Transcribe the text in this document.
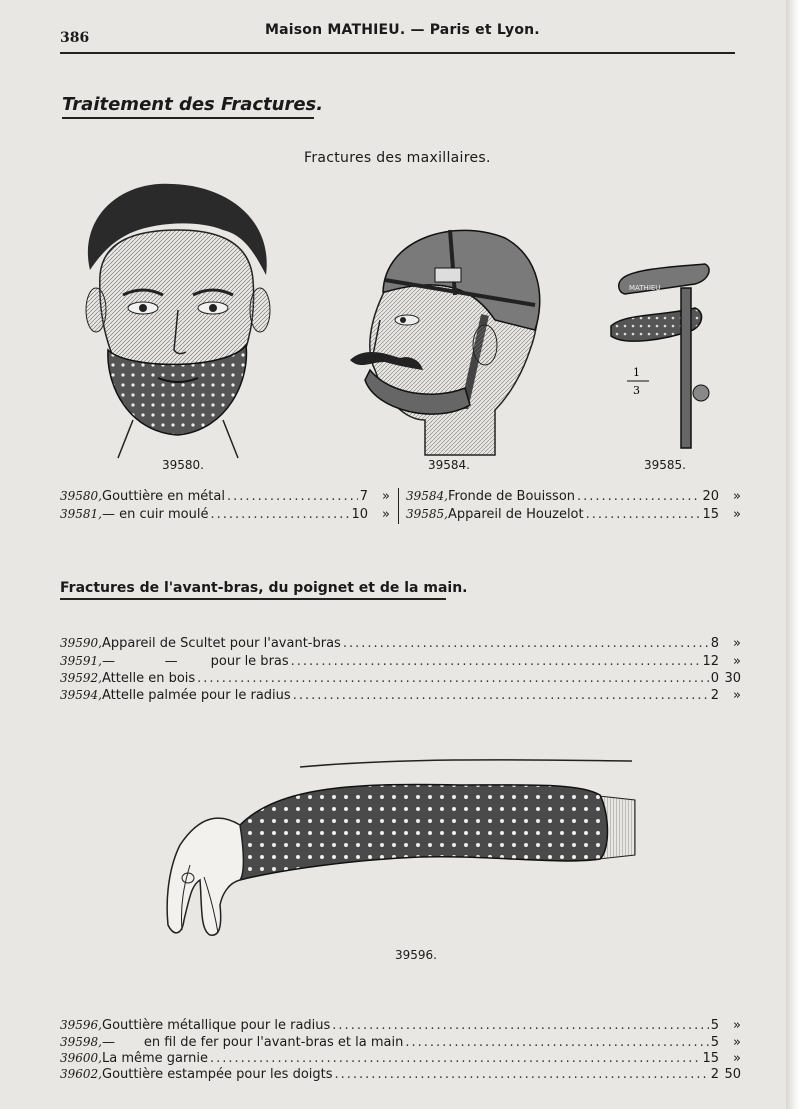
386	Maison MATHIEU. — Paris et Lyon.
Traitement des Fractures.
Fractures des maxillaires.
39580.	39584.
MATHIEU
1
3
39585.
39580, Gouttière en métal .....	7	»
39581, — en cuir moulé .....	10	»
39584, Fronde de Bouisson .....	20	»
39585, Appareil de Houzelot .....	15	»
Fractures de l'avant-bras, du poignet et de la main.
39590, Appareil de Scultet pour l'avant-bras .....	8	»
39591, —            —        pour le bras .....	12	»
39592, Attelle en bois .....	0 30
39594, Attelle palmée pour le radius .....	2	»
39596.
39596, Gouttière métallique pour le radius .....	5	»
39598, —       en fil de fer pour l'avant-bras et la main .....	5	»
39600, La même garnie .....	15	»
39602, Gouttière estampée pour les doigts .....	2 50
